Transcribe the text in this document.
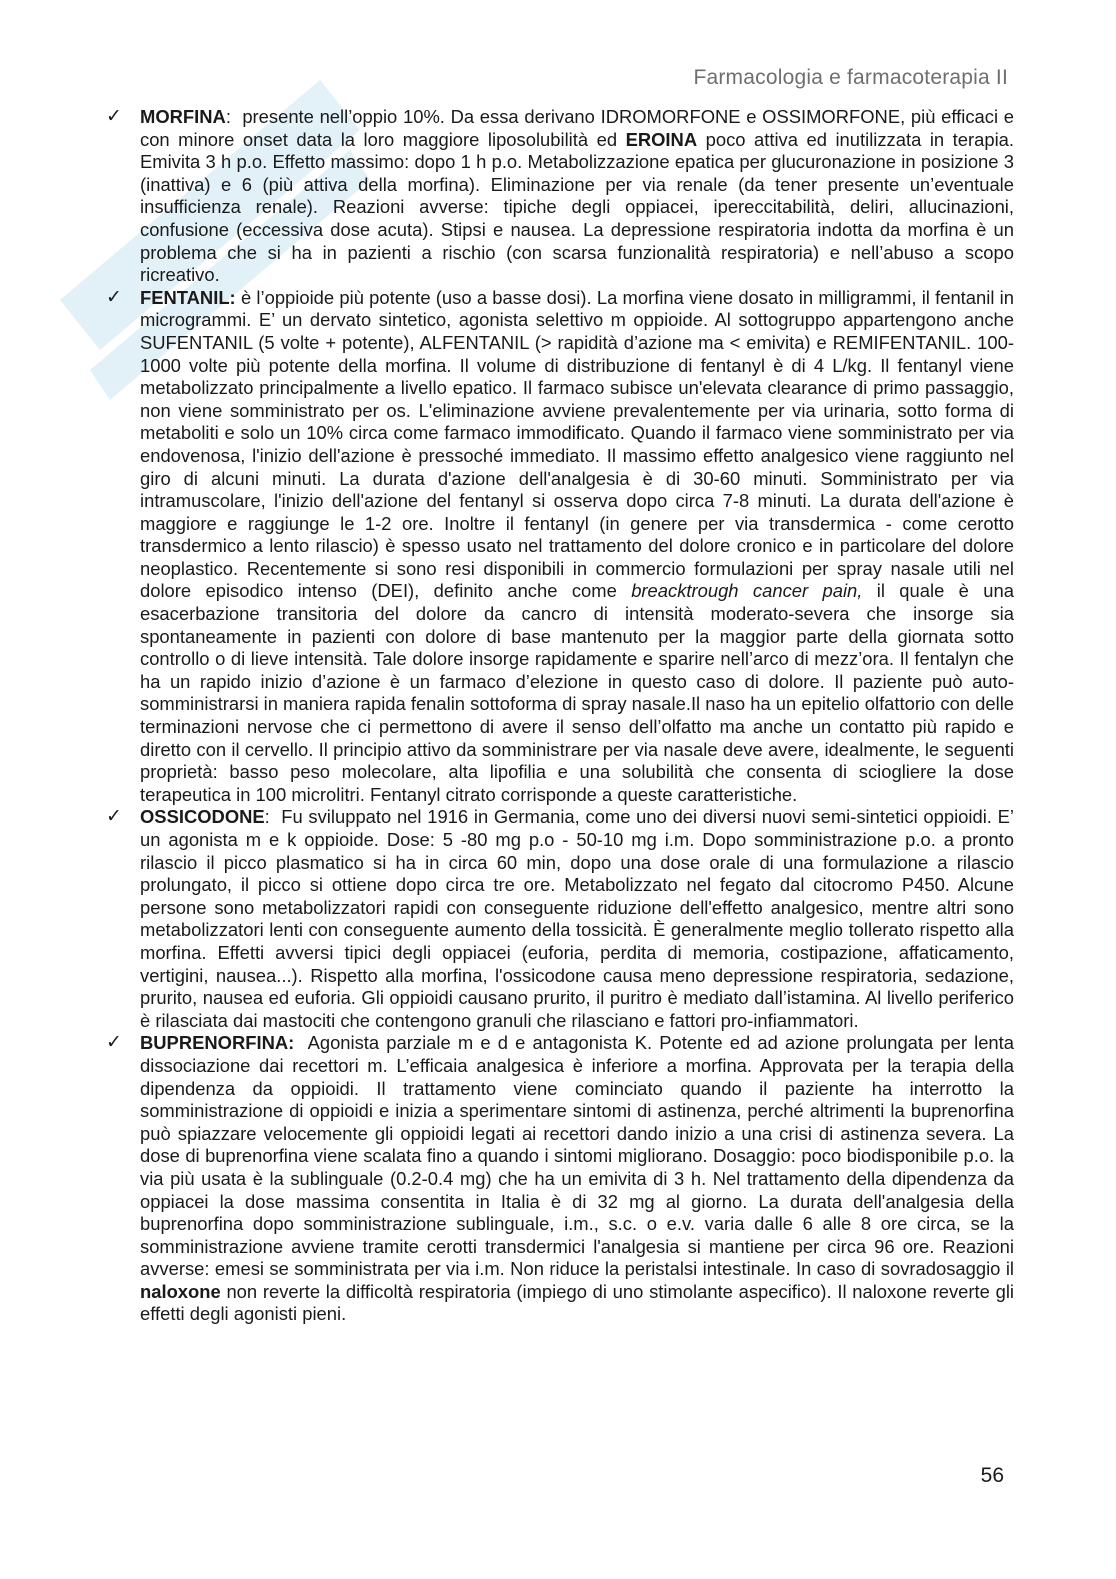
Farmacologia e farmacoterapia II
✓ MORFINA:  presente nell’oppio 10%. Da essa derivano IDROMORFONE e OSSIMORFONE, più efficaci e con minore onset data la loro maggiore liposolubilità ed EROINA poco attiva ed inutilizzata in terapia. Emivita 3 h p.o. Effetto massimo: dopo 1 h p.o. Metabolizzazione epatica per glucuronazione in posizione 3 (inattiva) e 6 (più attiva della morfina). Eliminazione per via renale (da tener presente un’eventuale insufficienza renale). Reazioni avverse: tipiche degli oppiacei, ipereccitabilità, deliri, allucinazioni, confusione (eccessiva dose acuta). Stipsi e nausea. La depressione respiratoria indotta da morfina è un problema che si ha in pazienti a rischio (con scarsa funzionalità respiratoria) e nell’abuso a scopo ricreativo.
✓ FENTANIL: è l’oppioide più potente (uso a basse dosi). La morfina viene dosato in milligrammi, il fentanil in microgrammi. E’ un dervato sintetico, agonista selettivo m oppioide. Al sottogruppo appartengono anche SUFENTANIL (5 volte + potente), ALFENTANIL (> rapidità d’azione ma < emivita) e REMIFENTANIL. 100- 1000 volte più potente della morfina. Il volume di distribuzione di fentanyl è di 4 L/kg. Il fentanyl viene metabolizzato principalmente a livello epatico. Il farmaco subisce un'elevata clearance di primo passaggio, non viene somministrato per os. L'eliminazione avviene prevalentemente per via urinaria, sotto forma di metaboliti e solo un 10% circa come farmaco immodificato. Quando il farmaco viene somministrato per via endovenosa, l'inizio dell'azione è pressoché immediato. Il massimo effetto analgesico viene raggiunto nel giro di alcuni minuti. La durata d'azione dell'analgesia è di 30-60 minuti. Somministrato per via intramuscolare, l'inizio dell'azione del fentanyl si osserva dopo circa 7-8 minuti. La durata dell'azione è maggiore e raggiunge le 1-2 ore. Inoltre il fentanyl (in genere per via transdermica - come cerotto transdermico a lento rilascio) è spesso usato nel trattamento del dolore cronico e in particolare del dolore neoplastico. Recentemente si sono resi disponibili in commercio formulazioni per spray nasale utili nel dolore episodico intenso (DEI), definito anche come breacktrough cancer pain, il quale è una esacerbazione transitoria del dolore da cancro di intensità moderato-severa che insorge sia spontaneamente in pazienti con dolore di base mantenuto per la maggior parte della giornata sotto controllo o di lieve intensità. Tale dolore insorge rapidamente e sparire nell’arco di mezz’ora. Il fentalyn che ha un rapido inizio d’azione è un farmaco d’elezione in questo caso di dolore. Il paziente può auto-somministrarsi in maniera rapida fenalin sottoforma di spray nasale.Il naso ha un epitelio olfattorio con delle terminazioni nervose che ci permettono di avere il senso dell’olfatto ma anche un contatto più rapido e diretto con il cervello. Il principio attivo da somministrare per via nasale deve avere, idealmente, le seguenti proprietà: basso peso molecolare, alta lipofilia e una solubilità che consenta di sciogliere la dose terapeutica in 100 microlitri. Fentanyl citrato corrisponde a queste caratteristiche.
✓ OSSICODONE:  Fu sviluppato nel 1916 in Germania, come uno dei diversi nuovi semi-sintetici oppioidi. E’ un agonista m e k oppioide. Dose: 5 -80 mg p.o - 50-10 mg i.m. Dopo somministrazione p.o. a pronto rilascio il picco plasmatico si ha in circa 60 min, dopo una dose orale di una formulazione a rilascio prolungato, il picco si ottiene dopo circa tre ore. Metabolizzato nel fegato dal citocromo P450. Alcune persone sono metabolizzatori rapidi con conseguente riduzione dell'effetto analgesico, mentre altri sono metabolizzatori lenti con conseguente aumento della tossicità. È generalmente meglio tollerato rispetto alla morfina. Effetti avversi tipici degli oppiacei (euforia, perdita di memoria, costipazione, affaticamento, vertigini, nausea...). Rispetto alla morfina, l'ossicodone causa meno depressione respiratoria, sedazione, prurito, nausea ed euforia. Gli oppioidi causano prurito, il puritro è mediato dall’istamina. Al livello periferico è rilasciata dai mastociti che contengono granuli che rilasciano e fattori pro-infiammatori.
✓ BUPRENORFINA: Agonista parziale m e d e antagonista K. Potente ed ad azione prolungata per lenta dissociazione dai recettori m. L’efficaia analgesica è inferiore a morfina. Approvata per la terapia della dipendenza da oppioidi. Il trattamento viene cominciato quando il paziente ha interrotto la somministrazione di oppioidi e inizia a sperimentare sintomi di astinenza, perché altrimenti la buprenorfina può spiazzare velocemente gli oppioidi legati ai recettori dando inizio a una crisi di astinenza severa. La dose di buprenorfina viene scalata fino a quando i sintomi migliorano. Dosaggio: poco biodisponibile p.o. la via più usata è la sublinguale (0.2-0.4 mg) che ha un emivita di 3 h. Nel trattamento della dipendenza da oppiacei la dose massima consentita in Italia è di 32 mg al giorno. La durata dell'analgesia della buprenorfina dopo somministrazione sublinguale, i.m., s.c. o e.v. varia dalle 6 alle 8 ore circa, se la somministrazione avviene tramite cerotti transdermici l'analgesia si mantiene per circa 96 ore. Reazioni avverse: emesi se somministrata per via i.m. Non riduce la peristalsi intestinale. In caso di sovradosaggio il naloxone non reverte la difficoltà respiratoria (impiego di uno stimolante aspecifico). Il naloxone reverte gli effetti degli agonisti pieni.
56
